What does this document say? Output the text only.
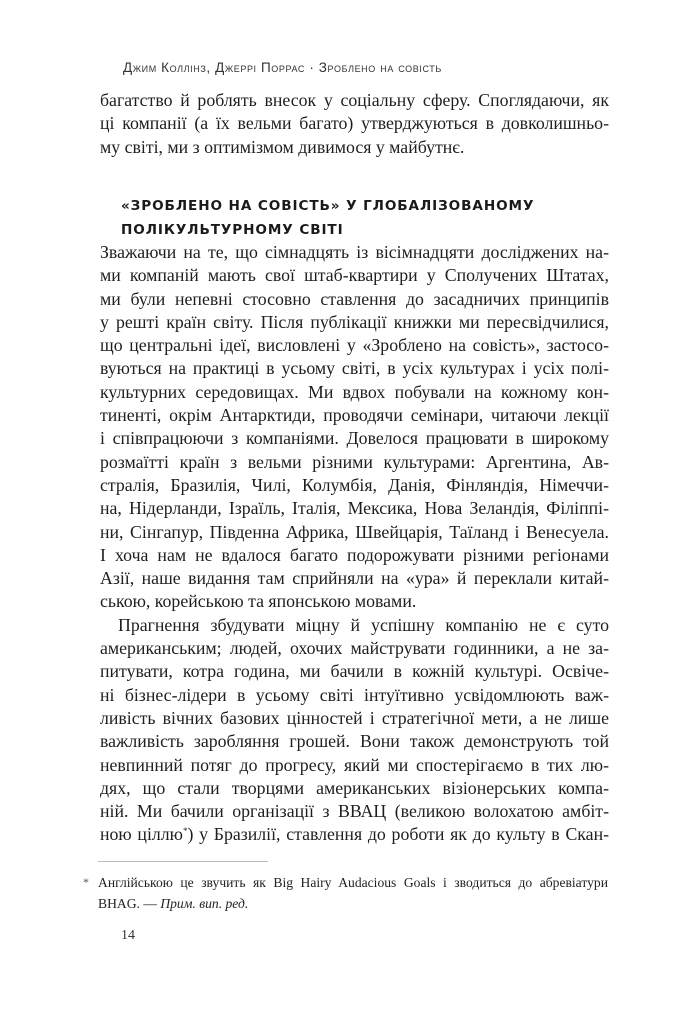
Джим Коллінз, Джеррі Поррас · Зроблено на совість
багатство й роблять внесок у соціальну сферу. Споглядаючи, як
ці компанії (а їх вельми багато) утверджуються в довколишньо-
му світі, ми з оптимізмом дивимося у майбутнє.
«ЗРОБЛЕНО НА СОВІСТЬ» У ГЛОБАЛІЗОВАНОМУ
ПОЛІКУЛЬТУРНОМУ СВІТІ
Зважаючи на те, що сімнадцять із вісімнадцяти досліджених на-
ми компаній мають свої штаб-квартири у Сполучених Штатах,
ми були непевні стосовно ставлення до засадничих принципів
у решті країн світу. Після публікації книжки ми пересвідчилися,
що центральні ідеї, висловлені у «Зроблено на совість», застосо-
вуються на практиці в усьому світі, в усіх культурах і усіх полі-
культурних середовищах. Ми вдвох побували на кожному кон-
тиненті, окрім Антарктиди, проводячи семінари, читаючи лекції
і співпрацюючи з компаніями. Довелося працювати в широкому
розмаїтті країн з вельми різними культурами: Аргентина, Ав-
стралія, Бразилія, Чилі, Колумбія, Данія, Фінляндія, Німеччи-
на, Нідерланди, Ізраїль, Італія, Мексика, Нова Зеландія, Філіппі-
ни, Сінгапур, Південна Африка, Швейцарія, Таїланд і Венесуела.
І хоча нам не вдалося багато подорожувати різними регіонами
Азії, наше видання там сприйняли на «ура» й переклали китай-
ською, корейською та японською мовами.
Прагнення збудувати міцну й успішну компанію не є суто
американським; людей, охочих майструвати годинники, а не за-
питувати, котра година, ми бачили в кожній культурі. Освіче-
ні бізнес-лідери в усьому світі інтуїтивно усвідомлюють важ-
ливість вічних базових цінностей і стратегічної мети, а не лише
важливість заробляння грошей. Вони також демонструють той
невпинний потяг до прогресу, який ми спостерігаємо в тих лю-
дях, що стали творцями американських візіонерських компа-
ній. Ми бачили організації з ВВАЦ (великою волохатою амбіт-
ною ціллю*) у Бразилії, ставлення до роботи як до культу в Скан-
* Англійською це звучить як Big Hairy Audacious Goals і зводиться до абревіатури
BHAG. — Прим. вип. ред.
14
